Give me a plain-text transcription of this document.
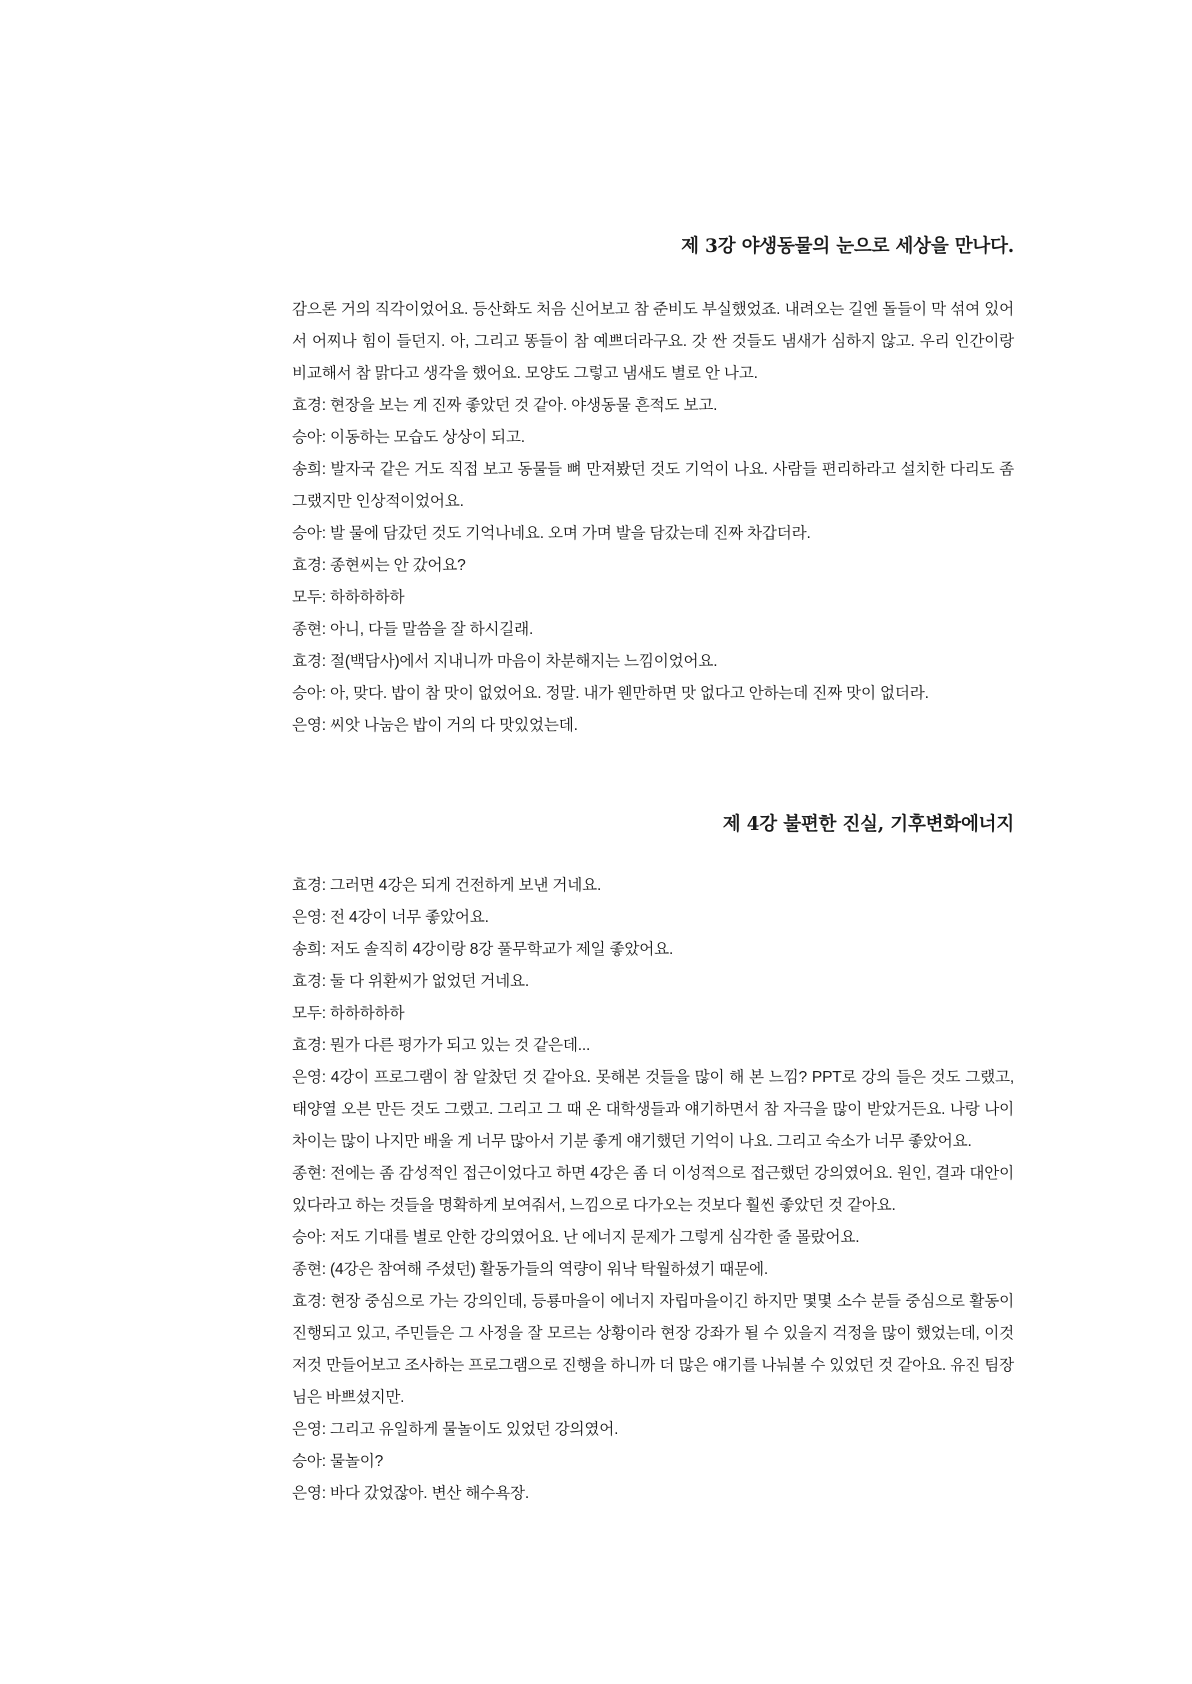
제 3강 야생동물의 눈으로 세상을 만나다.

감으론 거의 직각이었어요. 등산화도 처음 신어보고 참 준비도 부실했었죠. 내려오는 길엔 돌들이 막 섞여 있어서 어찌나 힘이 들던지. 아, 그리고 똥들이 참 예쁘더라구요. 갓 싼 것들도 냄새가 심하지 않고. 우리 인간이랑 비교해서 참 맑다고 생각을 했어요. 모양도 그렇고 냄새도 별로 안 나고.

효경: 현장을 보는 게 진짜 좋았던 것 같아. 야생동물 흔적도 보고.

승아: 이동하는 모습도 상상이 되고.

송희: 발자국 같은 거도 직접 보고 동물들 뼈 만져봤던 것도 기억이 나요. 사람들 편리하라고 설치한 다리도 좀 그랬지만 인상적이었어요.

승아: 발 물에 담갔던 것도 기억나네요. 오며 가며 발을 담갔는데 진짜 차갑더라.

효경: 종현씨는 안 갔어요?

모두: 하하하하하

종현: 아니, 다들 말씀을 잘 하시길래.

효경: 절(백담사)에서 지내니까 마음이 차분해지는 느낌이었어요.

승아: 아, 맞다. 밥이 참 맛이 없었어요. 정말. 내가 웬만하면 맛 없다고 안하는데 진짜 맛이 없더라.

은영: 씨앗 나눔은 밥이 거의 다 맛있었는데.

제 4강 불편한 진실, 기후변화에너지

효경: 그러면 4강은 되게 건전하게 보낸 거네요.

은영: 전 4강이 너무 좋았어요.

송희: 저도 솔직히 4강이랑 8강 풀무학교가 제일 좋았어요.

효경: 둘 다 위환씨가 없었던 거네요.

모두: 하하하하하

효경: 뭔가 다른 평가가 되고 있는 것 같은데...

은영: 4강이 프로그램이 참 알찼던 것 같아요. 못해본 것들을 많이 해 본 느낌? PPT로 강의 들은 것도 그랬고, 태양열 오븐 만든 것도 그랬고. 그리고 그 때 온 대학생들과 얘기하면서 참 자극을 많이 받았거든요. 나랑 나이 차이는 많이 나지만 배울 게 너무 많아서 기분 좋게 얘기했던 기억이 나요. 그리고 숙소가 너무 좋았어요.

종현: 전에는 좀 감성적인 접근이었다고 하면 4강은 좀 더 이성적으로 접근했던 강의였어요. 원인, 결과 대안이 있다라고 하는 것들을 명확하게 보여줘서, 느낌으로 다가오는 것보다 훨씬 좋았던 것 같아요.

승아: 저도 기대를 별로 안한 강의였어요. 난 에너지 문제가 그렇게 심각한 줄 몰랐어요.

종현: (4강은 참여해 주셨던) 활동가들의 역량이 워낙 탁월하셨기 때문에.

효경: 현장 중심으로 가는 강의인데, 등룡마을이 에너지 자립마을이긴 하지만 몇몇 소수 분들 중심으로 활동이 진행되고 있고, 주민들은 그 사정을 잘 모르는 상황이라 현장 강좌가 될 수 있을지 걱정을 많이 했었는데, 이것저것 만들어보고 조사하는 프로그램으로 진행을 하니까 더 많은 얘기를 나눠볼 수 있었던 것 같아요. 유진 팀장님은 바쁘셨지만.

은영: 그리고 유일하게 물놀이도 있었던 강의였어.

승아: 물놀이?

은영: 바다 갔었잖아. 변산 해수욕장.
